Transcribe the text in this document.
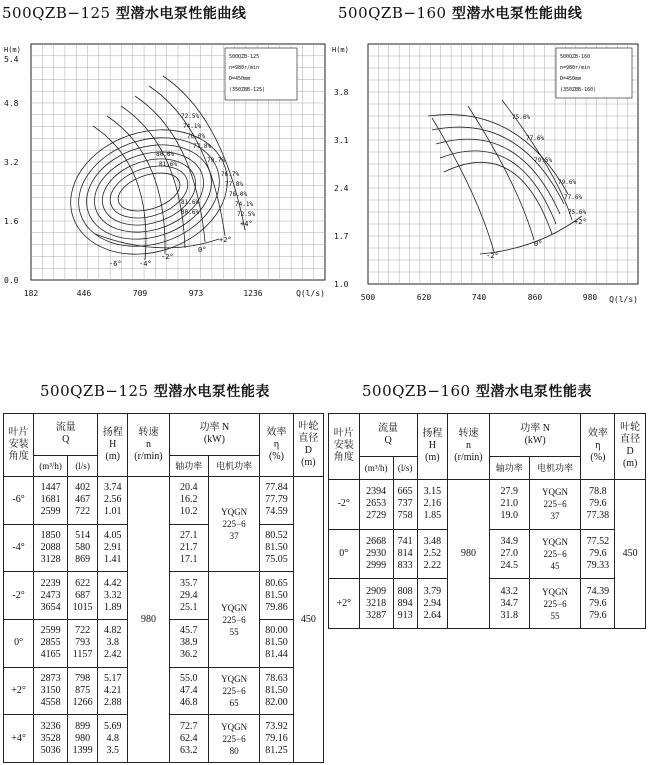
500QZB−125 型潜水电泵性能曲线	500QZB−160 型潜水电泵性能曲线
H(m)
0.0
1.6
3.2
4.8
5.4
182	446	709	973	1236	Q(l/s)
500QZB-125
n=980r/min
D=450mm
(350ZBB-125)
-6° -4°
-2°
0°
+2°
+4°
72.5%
74.1%
76.0%
77.8%
79.7%
80.6%
81.6%
76.7%
77.8%
76.0%
74.1%
72.5%
81.6%
80.6%
H(m)
1.0
1.7
2.4
3.1
3.8
500	620	740	860	980 Q(l/s)
500QZB-160
n=980r/min
D=450mm
(350ZBB-160)
-2°
0°
+2°
75.6%
77.6%
79.5%
79.6%
77.6%
75.6%
500QZB−125 型潜水电泵性能表	500QZB−160 型潜水电泵性能表
叶片
安装
角度	流量
Q		扬程
H
(m)	转速
n
(r/min)	功率 N
(kW)		效率
η
(%)	叶轮
直径
D
(m)

	(m³/h)	(l/s)			轴功率	电机功率		
-6°	1447
1681
2599	402
467
722	3.74
2.56
1.01	980	20.4
16.2
10.2	YQGN
225−6
37	77.84
77.79
74.59	450
-4°	1850
2088
3128	514
580
869	4.05
2.91
1.41		27.1
21.7
17.1		80.52
81.50
75.05	

-2°	2239
2473
3654	622
687
1015	4.42
3.32
1.89		35.7
29.4
25.1	YQGN
225−6
55	80.65
81.50
79.86	

0°	2599
2855
4165	722
793
1157	4.82
3.8
2.42		45.7
38.9
36.2		80.00
81.50
81.44	

+2°	2873
3150
4558	798
875
1266	5.17
4.21
2.88		55.0
47.4
46.8	YQGN
225−6
65	78.63
81.50
82.00	

+4°	3236
3528
5036	899
980
1399	5.69
4.8
3.5		72.7
62.4
63.2	YQGN
225−6
80	73.92
79.16
81.25	
叶片
安装
角度	流量
Q		扬程
H
(m)	转速
n
(r/min)	功率 N
(kW)		效率
η
(%)	叶轮
直径
D
(m)

	(m³/h)	(l/s)			轴功率	电机功率		
-2°	2394
2653
2729	665
737
758	3.15
2.16
1.85	980	27.9
21.0
19.0	YQGN
225−6
37	78.8
79.6
77.38	450
0°	2668
2930
2999	741
814
833	3.48
2.52
2.22		34.9
27.0
24.5	YQGN
225−6
45	77.52
79.6
79.33	

+2°	2909
3218
3287	808
894
913	3.79
2.94
2.64		43.2
34.7
31.8	YQGN
225−6
55	74.39
79.6
79.6	
